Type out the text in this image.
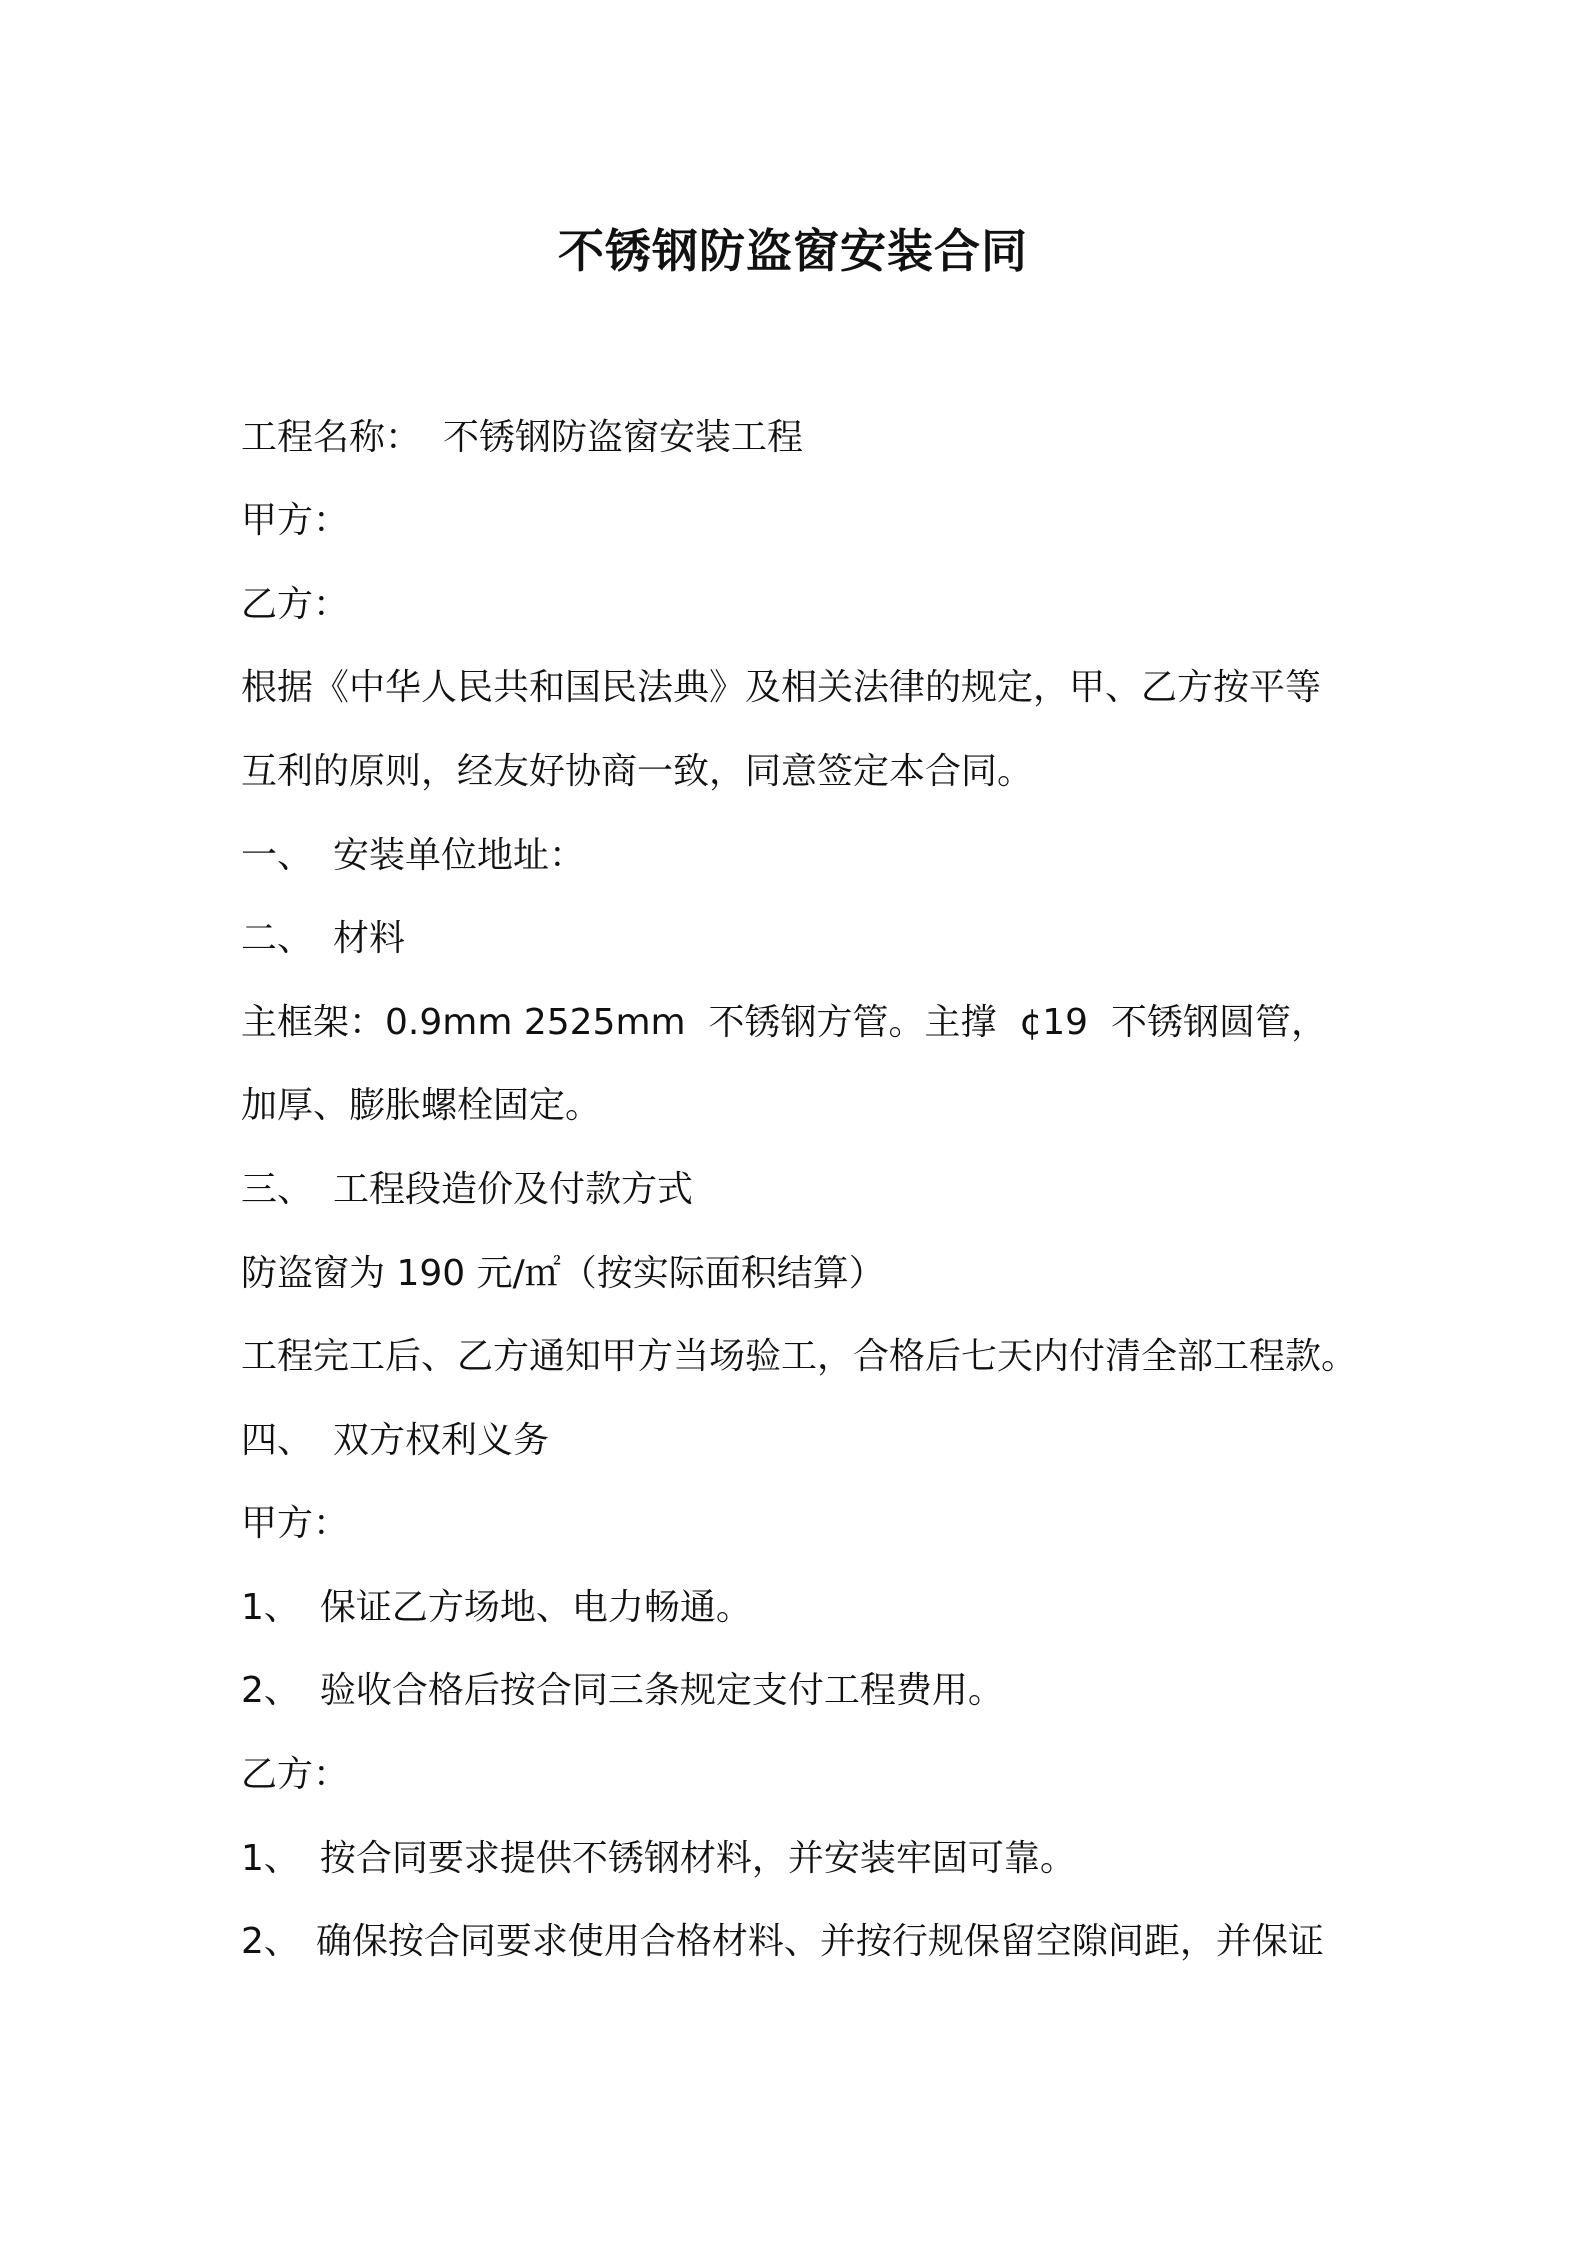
不锈钢防盗窗安装合同
工程名称： 不锈钢防盗窗安装工程
甲方：
乙方：
根据《中华人民共和国民法典》及相关法律的规定，甲、乙方按平等
互利的原则，经友好协商一致，同意签定本合同。
一、 安装单位地址：
二、 材料
主框架：0.9mm 2525mm  不锈钢方管。主撑  ¢19  不锈钢圆管，
加厚、膨胀螺栓固定。
三、 工程段造价及付款方式
防盗窗为 190 元/㎡（按实际面积结算）
工程完工后、乙方通知甲方当场验工，合格后七天内付清全部工程款。
四、 双方权利义务
甲方：
1、 保证乙方场地、电力畅通。
2、 验收合格后按合同三条规定支付工程费用。
乙方：
1、 按合同要求提供不锈钢材料，并安装牢固可靠。
2、 确保按合同要求使用合格材料、并按行规保留空隙间距，并保证
